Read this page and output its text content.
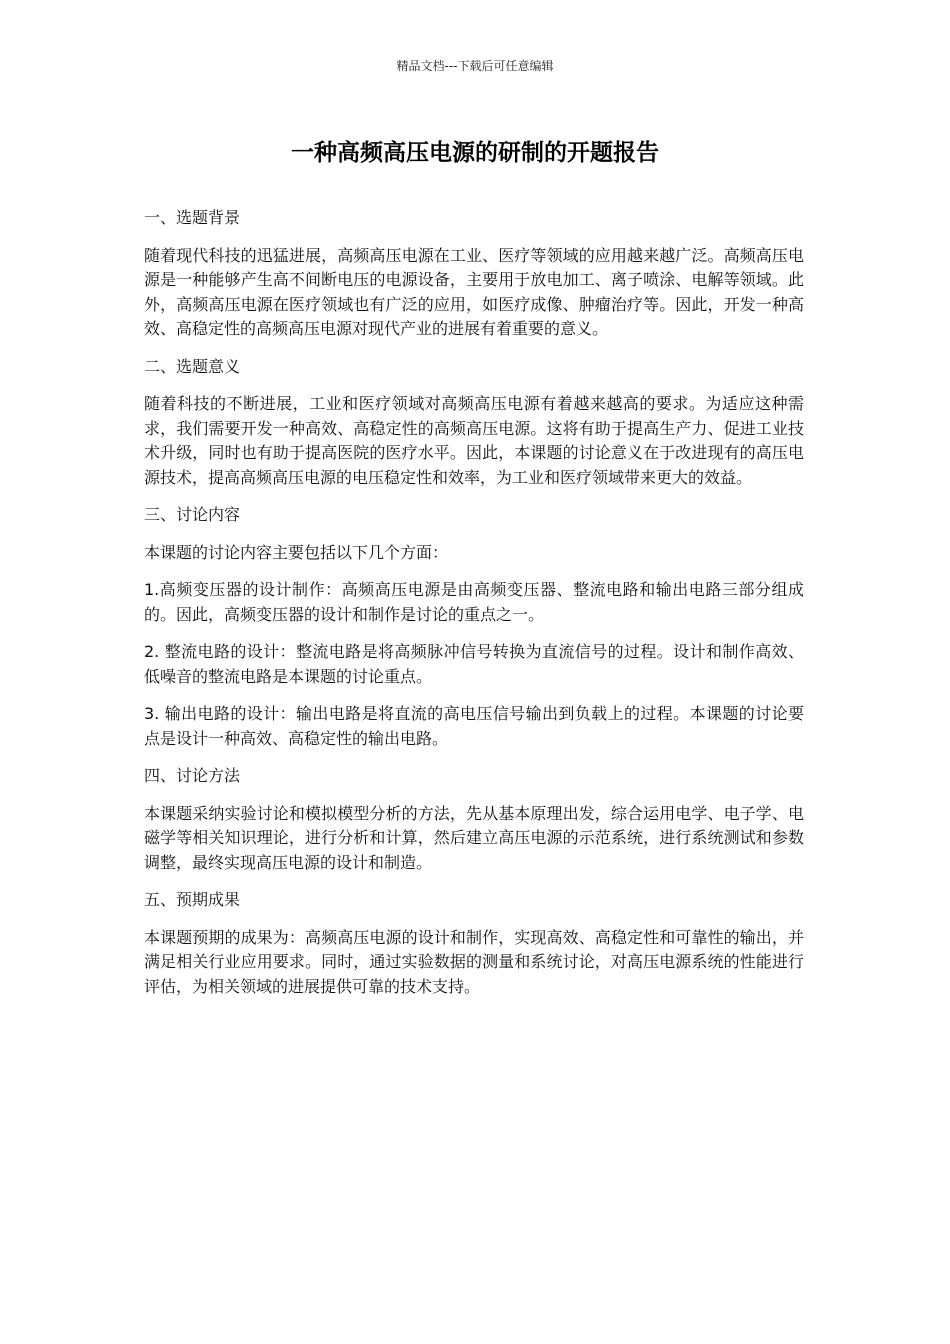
精品文档---下载后可任意编辑
一种高频高压电源的研制的开题报告

一、选题背景

随着现代科技的迅猛进展，高频高压电源在工业、医疗等领域的应用越来越广泛。高频高压电源是一种能够产生高不间断电压的电源设备，主要用于放电加工、离子喷涂、电解等领域。此外，高频高压电源在医疗领域也有广泛的应用，如医疗成像、肿瘤治疗等。因此，开发一种高效、高稳定性的高频高压电源对现代产业的进展有着重要的意义。

二、选题意义

随着科技的不断进展，工业和医疗领域对高频高压电源有着越来越高的要求。为适应这种需求，我们需要开发一种高效、高稳定性的高频高压电源。这将有助于提高生产力、促进工业技术升级，同时也有助于提高医院的医疗水平。因此，本课题的讨论意义在于改进现有的高压电源技术，提高高频高压电源的电压稳定性和效率，为工业和医疗领域带来更大的效益。

三、讨论内容

本课题的讨论内容主要包括以下几个方面：

1.高频变压器的设计制作：高频高压电源是由高频变压器、整流电路和输出电路三部分组成的。因此，高频变压器的设计和制作是讨论的重点之一。

2. 整流电路的设计：整流电路是将高频脉冲信号转换为直流信号的过程。设计和制作高效、低噪音的整流电路是本课题的讨论重点。

3. 输出电路的设计：输出电路是将直流的高电压信号输出到负载上的过程。本课题的讨论要点是设计一种高效、高稳定性的输出电路。

四、讨论方法

本课题采纳实验讨论和模拟模型分析的方法，先从基本原理出发，综合运用电学、电子学、电磁学等相关知识理论，进行分析和计算，然后建立高压电源的示范系统，进行系统测试和参数调整，最终实现高压电源的设计和制造。

五、预期成果

本课题预期的成果为：高频高压电源的设计和制作，实现高效、高稳定性和可靠性的输出，并满足相关行业应用要求。同时，通过实验数据的测量和系统讨论，对高压电源系统的性能进行评估，为相关领域的进展提供可靠的技术支持。
